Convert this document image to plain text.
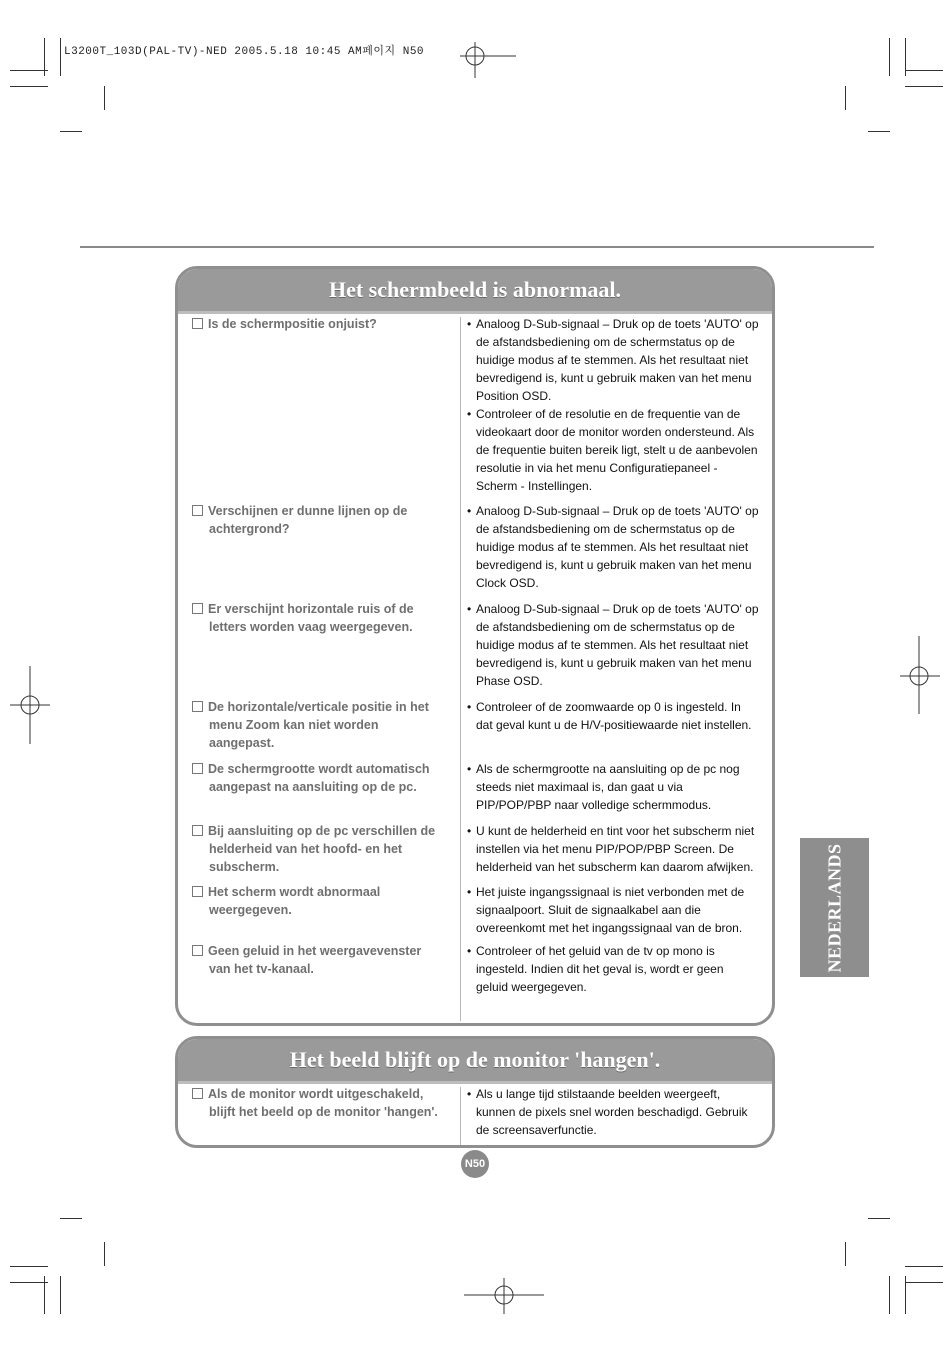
L3200T_103D(PAL-TV)-NED 2005.5.18 10:45 AM페이지 N50
Het schermbeeld is abnormaal.
Is de schermpositie onjuist?
•	Analoog D-Sub-signaal – Druk op de toets 'AUTO' op
de afstandsbediening om de schermstatus op de
huidige modus af te stemmen. Als het resultaat niet
bevredigend is, kunt u gebruik maken van het menu
Position OSD.
• Controleer of de resolutie en de frequentie van de
videokaart door de monitor worden ondersteund. Als
de frequentie buiten bereik ligt, stelt u de aanbevolen
resolutie in via het menu Configuratiepaneel -
Scherm - Instellingen.
Verschijnen er dunne lijnen op de
achtergrond?
• Analoog D-Sub-signaal – Druk op de toets 'AUTO' op
de afstandsbediening om de schermstatus op de
huidige modus af te stemmen. Als het resultaat niet
bevredigend is, kunt u gebruik maken van het menu
Clock OSD.
Er verschijnt horizontale ruis of de
letters worden vaag weergegeven.
• Analoog D-Sub-signaal – Druk op de toets 'AUTO' op
de afstandsbediening om de schermstatus op de
huidige modus af te stemmen. Als het resultaat niet
bevredigend is, kunt u gebruik maken van het menu
Phase OSD.
De horizontale/verticale positie in het
menu Zoom kan niet worden
aangepast.
• Controleer of de zoomwaarde op 0 is ingesteld. In
dat geval kunt u de H/V-positiewaarde niet instellen.
De schermgrootte wordt automatisch
aangepast na aansluiting op de pc.
• Als de schermgrootte na aansluiting op de pc nog
steeds niet maximaal is, dan gaat u via
PIP/POP/PBP naar volledige schermmodus.
Bij aansluiting op de pc verschillen de
helderheid van het hoofd- en het
subscherm.
• U kunt de helderheid en tint voor het subscherm niet
instellen via het menu PIP/POP/PBP Screen. De
helderheid van het subscherm kan daarom afwijken.
Het scherm wordt abnormaal
weergegeven.
• Het juiste ingangssignaal is niet verbonden met de
signaalpoort. Sluit de signaalkabel aan die
overeenkomt met het ingangssignaal van de bron.
Geen geluid in het weergavevenster
van het tv-kanaal.
• Controleer of het geluid van de tv op mono is
ingesteld. Indien dit het geval is, wordt er geen
geluid weergegeven.
Het beeld blijft op de monitor 'hangen'.
Als de monitor wordt uitgeschakeld,
blijft het beeld op de monitor 'hangen'.
• Als u lange tijd stilstaande beelden weergeeft,
kunnen de pixels snel worden beschadigd. Gebruik
de screensaverfunctie.
NEDERLANDS
N50
